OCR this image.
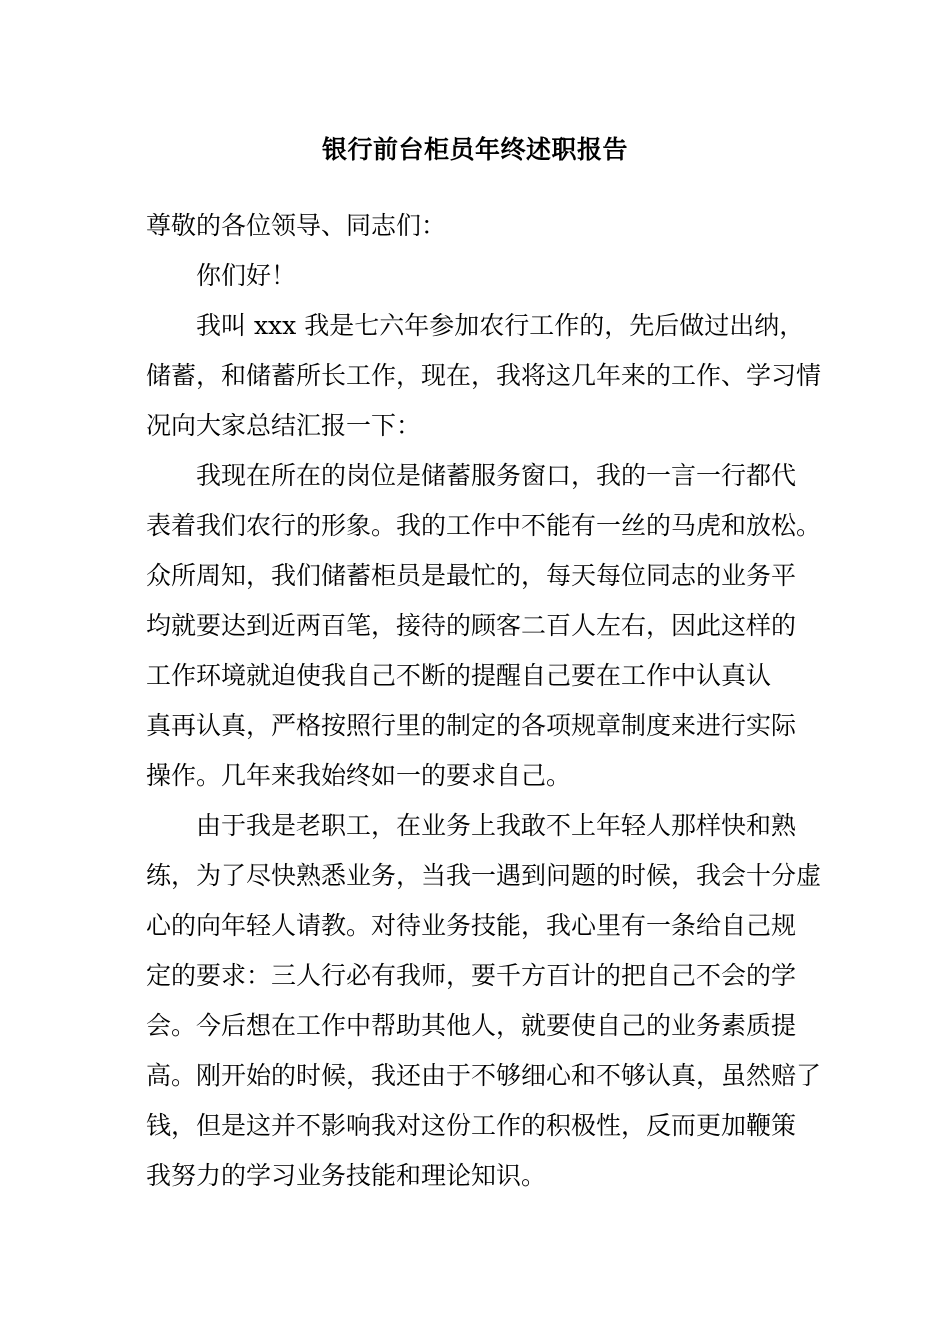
银行前台柜员年终述职报告
尊敬的各位领导、同志们：
你们好！
我叫 xxx 我是七六年参加农行工作的，先后做过出纳，
储蓄，和储蓄所长工作，现在，我将这几年来的工作、学习情
况向大家总结汇报一下：
我现在所在的岗位是储蓄服务窗口，我的一言一行都代
表着我们农行的形象。我的工作中不能有一丝的马虎和放松。
众所周知，我们储蓄柜员是最忙的，每天每位同志的业务平
均就要达到近两百笔，接待的顾客二百人左右，因此这样的
工作环境就迫使我自己不断的提醒自己要在工作中认真认
真再认真，严格按照行里的制定的各项规章制度来进行实际
操作。几年来我始终如一的要求自己。
由于我是老职工，在业务上我敢不上年轻人那样快和熟
练，为了尽快熟悉业务，当我一遇到问题的时候，我会十分虚
心的向年轻人请教。对待业务技能，我心里有一条给自己规
定的要求：三人行必有我师，要千方百计的把自己不会的学
会。今后想在工作中帮助其他人，就要使自己的业务素质提
高。刚开始的时候，我还由于不够细心和不够认真，虽然赔了
钱，但是这并不影响我对这份工作的积极性，反而更加鞭策
我努力的学习业务技能和理论知识。
